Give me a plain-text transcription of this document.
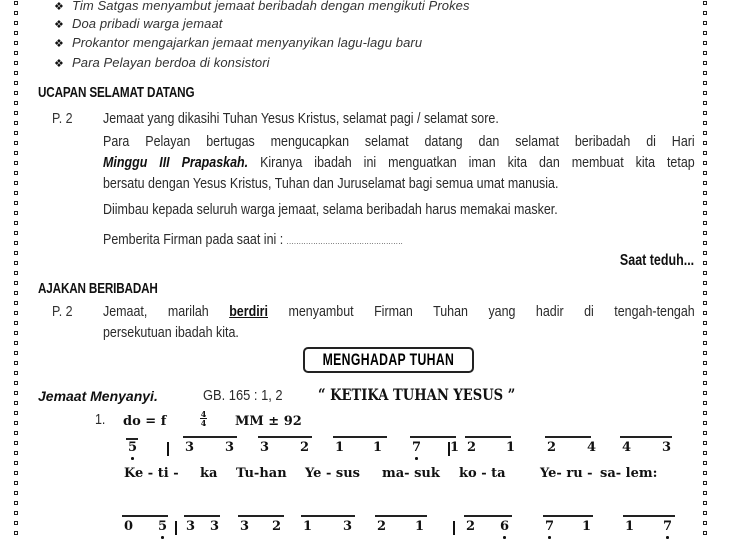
❖ Tim Satgas menyambut jemaat beribadah dengan mengikuti Prokes
❖ Doa pribadi warga jemaat
❖ Prokantor mengajarkan jemaat menyanyikan lagu-lagu baru
❖ Para Pelayan berdoa di konsistori
UCAPAN SELAMAT DATANG
P. 2 Jemaat yang dikasihi Tuhan Yesus Kristus, selamat pagi / selamat sore.
Para Pelayan bertugas mengucapkan selamat datang dan selamat beribadah di Hari
Minggu III Prapaskah. Kiranya ibadah ini menguatkan iman kita dan membuat kita tetap
bersatu dengan Yesus Kristus, Tuhan dan Juruselamat bagi semua umat manusia.
Diimbau kepada seluruh warga jemaat, selama beribadah harus memakai masker.
Pemberita Firman pada saat ini : ................................................
Saat teduh...
AJAKAN BERIBADAH
P. 2 Jemaat, marilah berdiri menyambut Firman Tuhan yang hadir di tengah-tengah
persekutuan ibadah kita.
MENGHADAP TUHAN
Jemaat Menyanyi.	GB. 165 : 1, 2 “ KETIKA TUHAN YESUS ”
1. do = f	4
4 MM ± 92
5	3 3 3 2 1 1 7 1 2 1 2 4 4 3
Ke - ti - ka Tu-han Ye - sus ma- suk ko - ta	Ye- ru - sa- lem:
0 5 3 3 3 2 1 3 2 1	2 6	7 1	1 7
